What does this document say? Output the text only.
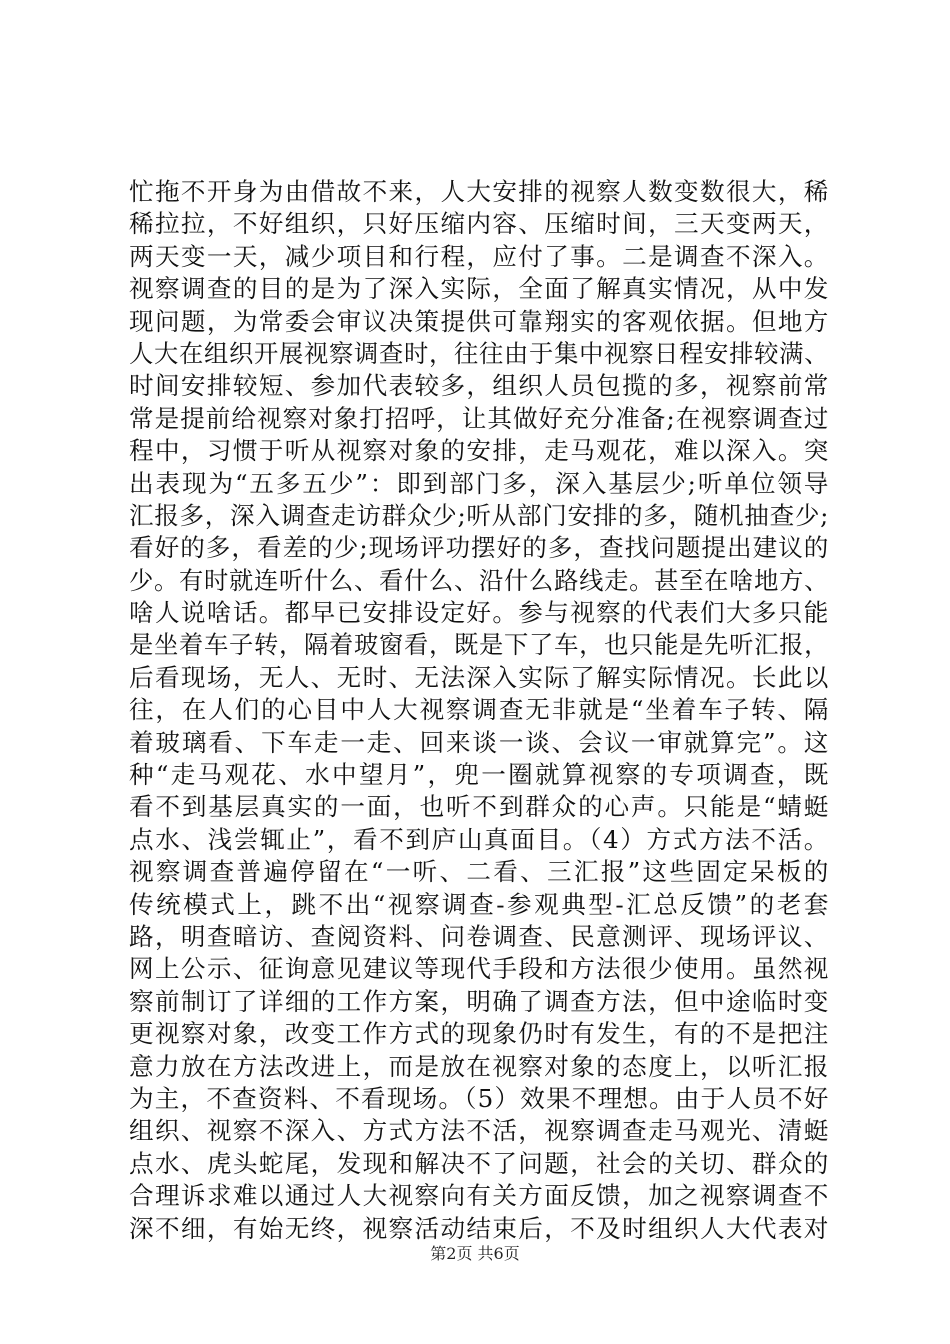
忙拖不开身为由借故不来，人大安排的视察人数变数很大，稀
稀拉拉，不好组织，只好压缩内容、压缩时间，三天变两天，
两天变一天，减少项目和行程，应付了事。二是调查不深入。
视察调查的目的是为了深入实际，全面了解真实情况，从中发
现问题，为常委会审议决策提供可靠翔实的客观依据。但地方
人大在组织开展视察调查时，往往由于集中视察日程安排较满、
时间安排较短、参加代表较多，组织人员包揽的多，视察前常
常是提前给视察对象打招呼，让其做好充分准备;在视察调查过
程中，习惯于听从视察对象的安排，走马观花，难以深入。突
出表现为“五多五少”：即到部门多，深入基层少;听单位领导
汇报多，深入调查走访群众少;听从部门安排的多，随机抽查少;
看好的多，看差的少;现场评功摆好的多，查找问题提出建议的
少。有时就连听什么、看什么、沿什么路线走。甚至在啥地方、
啥人说啥话。都早已安排设定好。参与视察的代表们大多只能
是坐着车子转，隔着玻窗看，既是下了车，也只能是先听汇报，
后看现场，无人、无时、无法深入实际了解实际情况。长此以
往，在人们的心目中人大视察调查无非就是“坐着车子转、隔
着玻璃看、下车走一走、回来谈一谈、会议一审就算完”。这
种“走马观花、水中望月”，兜一圈就算视察的专项调查，既
看不到基层真实的一面，也听不到群众的心声。只能是“蜻蜓
点水、浅尝辄止”，看不到庐山真面目。（4）方式方法不活。
视察调查普遍停留在“一听、二看、三汇报”这些固定呆板的
传统模式上，跳不出“视察调查-参观典型-汇总反馈”的老套
路，明查暗访、查阅资料、问卷调查、民意测评、现场评议、
网上公示、征询意见建议等现代手段和方法很少使用。虽然视
察前制订了详细的工作方案，明确了调查方法，但中途临时变
更视察对象，改变工作方式的现象仍时有发生，有的不是把注
意力放在方法改进上，而是放在视察对象的态度上，以听汇报
为主，不查资料、不看现场。（5）效果不理想。由于人员不好
组织、视察不深入、方式方法不活，视察调查走马观光、清蜓
点水、虎头蛇尾，发现和解决不了问题，社会的关切、群众的
合理诉求难以通过人大视察向有关方面反馈，加之视察调查不
深不细，有始无终，视察活动结束后，不及时组织人大代表对
第2页 共6页
